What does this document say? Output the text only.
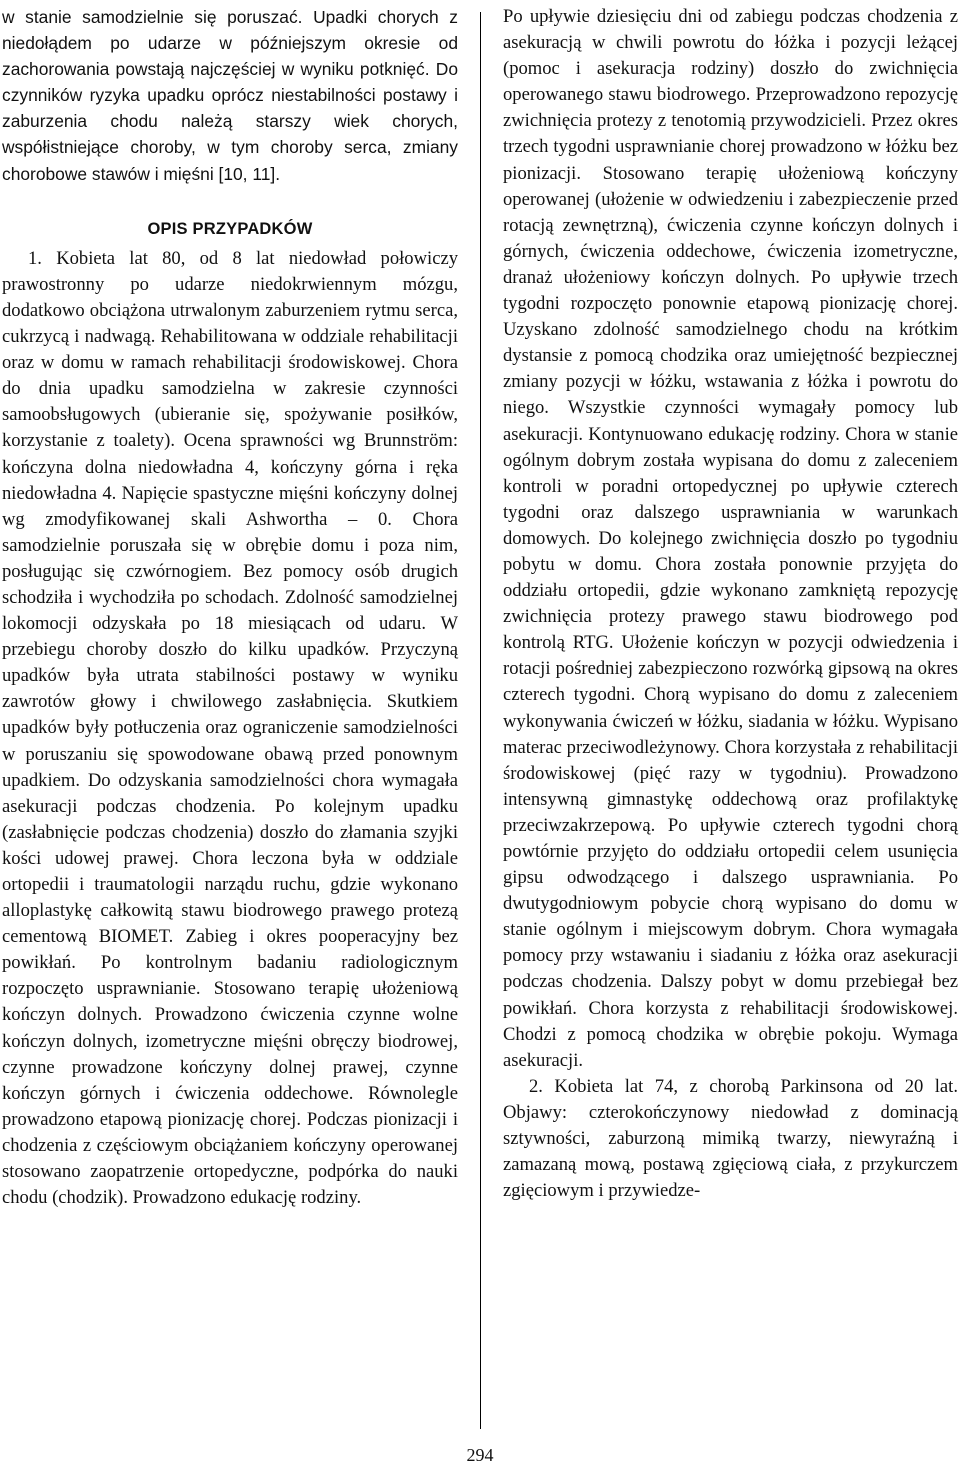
w stanie samodzielnie się poruszać. Upadki chorych z niedołądem po udarze w późniejszym okresie od zachorowania powstają najczęściej w wyniku potknięć. Do czynników ryzyka upadku oprócz niestabilności postawy i zaburzenia chodu należą starszy wiek chorych, współistniejące choroby, w tym choroby serca, zmiany chorobowe stawów i mięśni [10, 11].

OPIS PRZYPADKÓW

1. Kobieta lat 80, od 8 lat niedowład połowiczy prawostronny po udarze niedokrwiennym mózgu, dodatkowo obciążona utrwalonym zaburzeniem rytmu serca, cukrzycą i nadwagą. Rehabilitowana w oddziale rehabilitacji oraz w domu w ramach rehabilitacji środowiskowej. Chora do dnia upadku samodzielna w zakresie czynności samoobsługowych (ubieranie się, spożywanie posiłków, korzystanie z toalety). Ocena sprawności wg Brunnström: kończyna dolna niedowładna 4, kończyny górna i ręka niedowładna 4. Napięcie spastyczne mięśni kończyny dolnej wg zmodyfikowanej skali Ashwortha – 0. Chora samodzielnie poruszała się w obrębie domu i poza nim, posługując się czwórnogiem. Bez pomocy osób drugich schodziła i wychodziła po schodach. Zdolność samodzielnej lokomocji odzyskała po 18 miesiącach od udaru. W przebiegu choroby doszło do kilku upadków. Przyczyną upadków była utrata stabilności postawy w wyniku zawrotów głowy i chwilowego zasłabnięcia. Skutkiem upadków były potłuczenia oraz ograniczenie samodzielności w poruszaniu się spowodowane obawą przed ponownym upadkiem. Do odzyskania samodzielności chora wymagała asekuracji podczas chodzenia. Po kolejnym upadku (zasłabnięcie podczas chodzenia) doszło do złamania szyjki kości udowej prawej. Chora leczona była w oddziale ortopedii i traumatologii narządu ruchu, gdzie wykonano alloplastykę całkowitą stawu biodrowego prawego protezą cementową BIOMET. Zabieg i okres pooperacyjny bez powikłań. Po kontrolnym badaniu radiologicznym rozpoczęto usprawnianie. Stosowano terapię ułożeniową kończyn dolnych. Prowadzono ćwiczenia czynne wolne kończyn dolnych, izometryczne mięśni obręczy biodrowej, czynne prowadzone kończyny dolnej prawej, czynne kończyn górnych i ćwiczenia oddechowe. Równolegle prowadzono etapową pionizację chorej. Podczas pionizacji i chodzenia z częściowym obciążaniem kończyny operowanej stosowano zaopatrzenie ortopedyczne, podpórka do nauki chodu (chodzik). Prowadzono edukację rodziny.

Po upływie dziesięciu dni od zabiegu podczas chodzenia z asekuracją w chwili powrotu do łóżka i pozycji leżącej (pomoc i asekuracja rodziny) doszło do zwichnięcia operowanego stawu biodrowego. Przeprowadzono repozycję zwichnięcia protezy z tenotomią przywodzicieli. Przez okres trzech tygodni usprawnianie chorej prowadzono w łóżku bez pionizacji. Stosowano terapię ułożeniową kończyny operowanej (ułożenie w odwiedzeniu i zabezpieczenie przed rotacją zewnętrzną), ćwiczenia czynne kończyn dolnych i górnych, ćwiczenia oddechowe, ćwiczenia izometryczne, dranaż ułożeniowy kończyn dolnych. Po upływie trzech tygodni rozpoczęto ponownie etapową pionizację chorej. Uzyskano zdolność samodzielnego chodu na krótkim dystansie z pomocą chodzika oraz umiejętność bezpiecznej zmiany pozycji w łóżku, wstawania z łóżka i powrotu do niego. Wszystkie czynności wymagały pomocy lub asekuracji. Kontynuowano edukację rodziny. Chora w stanie ogólnym dobrym została wypisana do domu z zaleceniem kontroli w poradni ortopedycznej po upływie czterech tygodni oraz dalszego usprawniania w warunkach domowych. Do kolejnego zwichnięcia doszło po tygodniu pobytu w domu. Chora została ponownie przyjęta do oddziału ortopedii, gdzie wykonano zamkniętą repozycję zwichnięcia protezy prawego stawu biodrowego pod kontrolą RTG. Ułożenie kończyn w pozycji odwiedzenia i rotacji pośredniej zabezpieczono rozwórką gipsową na okres czterech tygodni. Chorą wypisano do domu z zaleceniem wykonywania ćwiczeń w łóżku, siadania w łóżku. Wypisano materac przeciwodleżynowy. Chora korzystała z rehabilitacji środowiskowej (pięć razy w tygodniu). Prowadzono intensywną gimnastykę oddechową oraz profilaktykę przeciwzakrzepową. Po upływie czterech tygodni chorą powtórnie przyjęto do oddziału ortopedii celem usunięcia gipsu odwodzącego i dalszego usprawniania. Po dwutygodniowym pobycie chorą wypisano do domu w stanie ogólnym i miejscowym dobrym. Chora wymagała pomocy przy wstawaniu i siadaniu z łóżka oraz asekuracji podczas chodzenia. Dalszy pobyt w domu przebiegał bez powikłań. Chora korzysta z rehabilitacji środowiskowej. Chodzi z pomocą chodzika w obrębie pokoju. Wymaga asekuracji.

2. Kobieta lat 74, z chorobą Parkinsona od 20 lat. Objawy: czterokończynowy niedowład z dominacją sztywności, zaburzoną mimiką twarzy, niewyraźną i zamazaną mową, postawą zgięciową ciała, z przykurczem zgięciowym i przywiedze-

294
